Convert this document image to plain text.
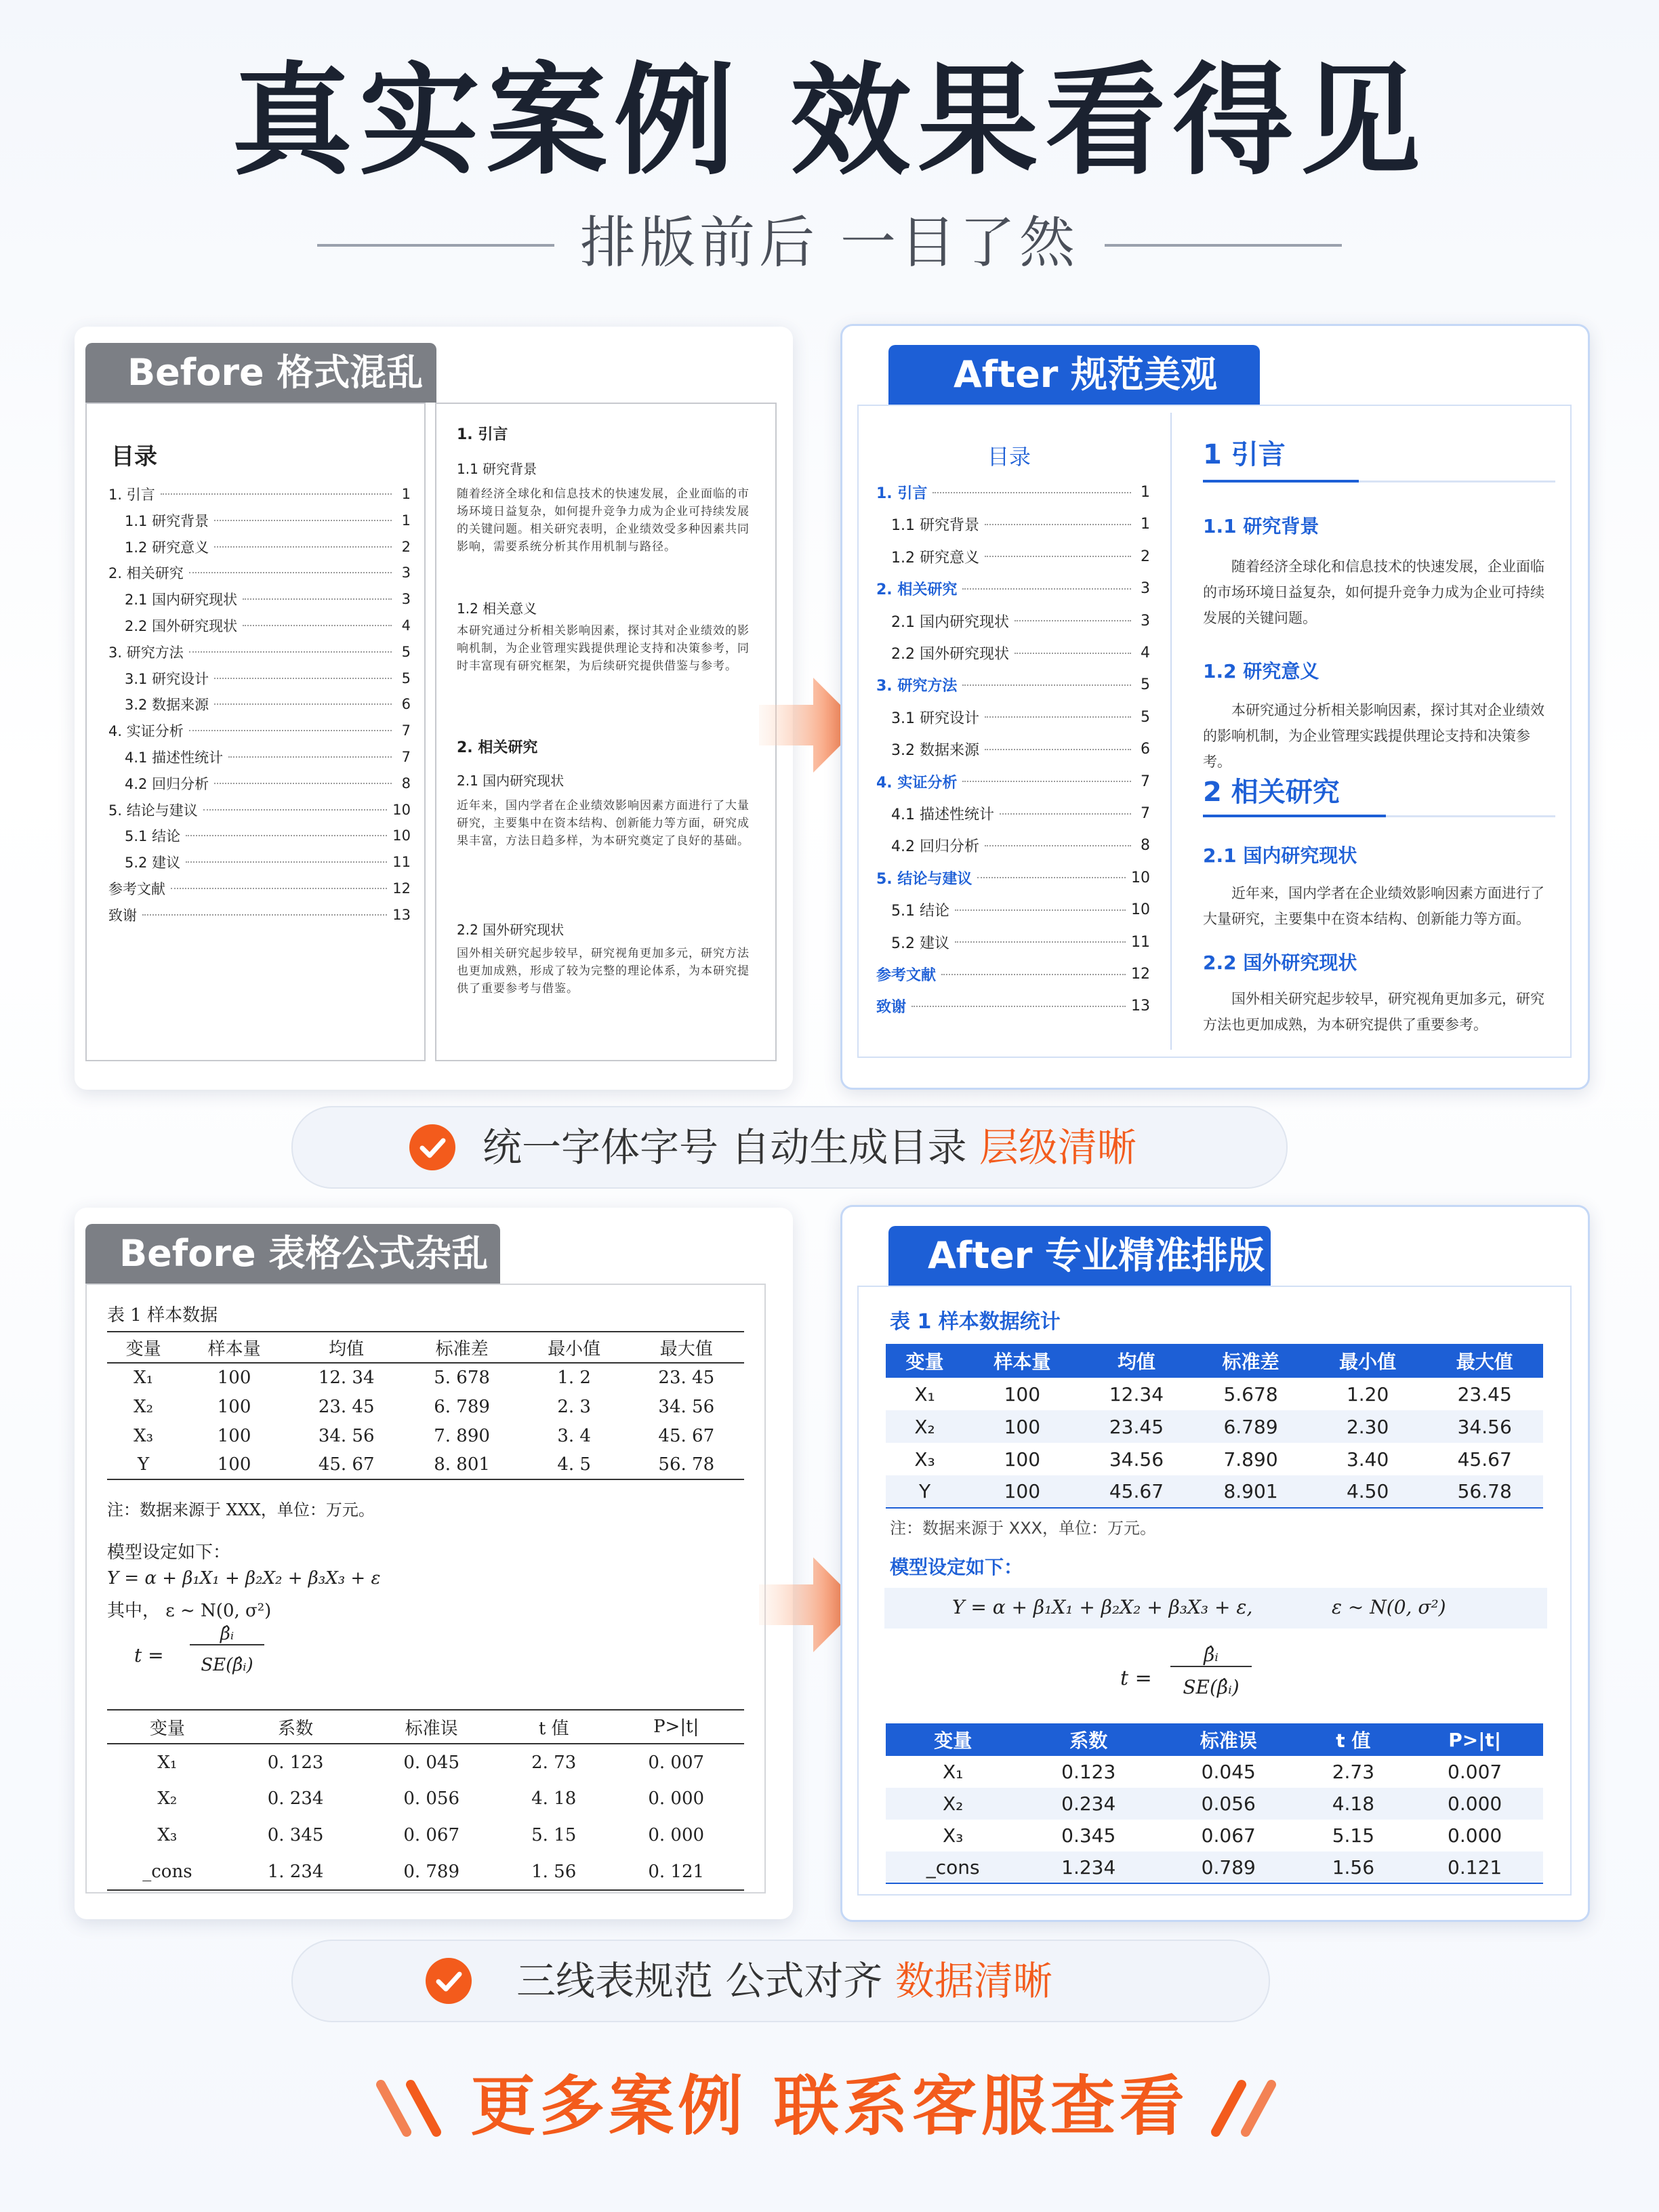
真实案例 效果看得见
排版前后 一目了然
Before 格式混乱
目录
1. 引言	1
1.1 研究背景	1
1.2 研究意义	2
2. 相关研究	3
2.1 国内研究现状	3
2.2 国外研究现状	4
3. 研究方法	5
3.1 研究设计	5
3.2 数据来源	6
4. 实证分析	7
4.1 描述性统计	7
4.2 回归分析	8
5. 结论与建议	10
5.1 结论	10
5.2 建议	11
参考文献	12
致谢	13
1. 引言
1.1 研究背景
随着经济全球化和信息技术的快速发展，企业面临的市场环境日益复杂，如何提升竞争力成为企业可持续发展的关键问题。相关研究表明，企业绩效受多种因素共同影响，需要系统分析其作用机制与路径。
1.2 相关意义
本研究通过分析相关影响因素，探讨其对企业绩效的影响机制，为企业管理实践提供理论支持和决策参考，同时丰富现有研究框架，为后续研究提供借鉴与参考。
2. 相关研究
2.1 国内研究现状
近年来，国内学者在企业绩效影响因素方面进行了大量研究，主要集中在资本结构、创新能力等方面，研究成果丰富，方法日趋多样，为本研究奠定了良好的基础。
2.2 国外研究现状
国外相关研究起步较早，研究视角更加多元，研究方法也更加成熟，形成了较为完整的理论体系，为本研究提供了重要参考与借鉴。
After 规范美观
目录
1. 引言	1
1.1 研究背景	1
1.2 研究意义	2
2. 相关研究	3
2.1 国内研究现状	3
2.2 国外研究现状	4
3. 研究方法	5
3.1 研究设计	5
3.2 数据来源	6
4. 实证分析	7
4.1 描述性统计	7
4.2 回归分析	8
5. 结论与建议	10
5.1 结论	10
5.2 建议	11
参考文献	12
致谢	13
1 引言
1.1 研究背景
随着经济全球化和信息技术的快速发展，企业面临的市场环境日益复杂，如何提升竞争力成为企业可持续发展的关键问题。
1.2 研究意义
本研究通过分析相关影响因素，探讨其对企业绩效的影响机制，为企业管理实践提供理论支持和决策参考。
2 相关研究
2.1 国内研究现状
近年来，国内学者在企业绩效影响因素方面进行了大量研究，主要集中在资本结构、创新能力等方面。
2.2 国外研究现状
国外相关研究起步较早，研究视角更加多元，研究方法也更加成熟，为本研究提供了重要参考。
统一字体字号 自动生成目录 层级清晰
Before 表格公式杂乱
表 1 样本数据
变量	样本量	均值	标准差	最小值	最大值
X₁	100	12. 34	5. 678	1. 2	23. 45
X₂	100	23. 45	6. 789	2. 3	34. 56
X₃	100	34. 56	7. 890	3. 4	45. 67
Y	100	45. 67	8. 801	4. 5	56. 78
注：数据来源于 XXX，单位：万元。
模型设定如下：
Y = α + β₁X₁ + β₂X₂ + β₃X₃ + ε
其中， ε ∼ N(0, σ²)
t =
β̂ᵢ
SE(β̂ᵢ)
变量	系数	标准误	t 值	P>|t|
X₁	0. 123	0. 045	2. 73	0. 007
X₂	0. 234	0. 056	4. 18	0. 000
X₃	0. 345	0. 067	5. 15	0. 000
_cons	1. 234	0. 789	1. 56	0. 121
After 专业精准排版
表 1 样本数据统计
变量	样本量	均值	标准差	最小值	最大值
X₁	100	12.34	5.678	1.20	23.45
X₂	100	23.45	6.789	2.30	34.56
X₃	100	34.56	7.890	3.40	45.67
Y	100	45.67	8.901	4.50	56.78
注：数据来源于 XXX，单位：万元。
模型设定如下：
Y = α + β₁X₁ + β₂X₂ + β₃X₃ + ε,	ε ∼ N(0, σ²)
t =
β̂ᵢ
SE(β̂ᵢ)
变量	系数	标准误	t 值	P>|t|
X₁	0.123	0.045	2.73	0.007
X₂	0.234	0.056	4.18	0.000
X₃	0.345	0.067	5.15	0.000
_cons	1.234	0.789	1.56	0.121
三线表规范 公式对齐 数据清晰
更多案例 联系客服查看
